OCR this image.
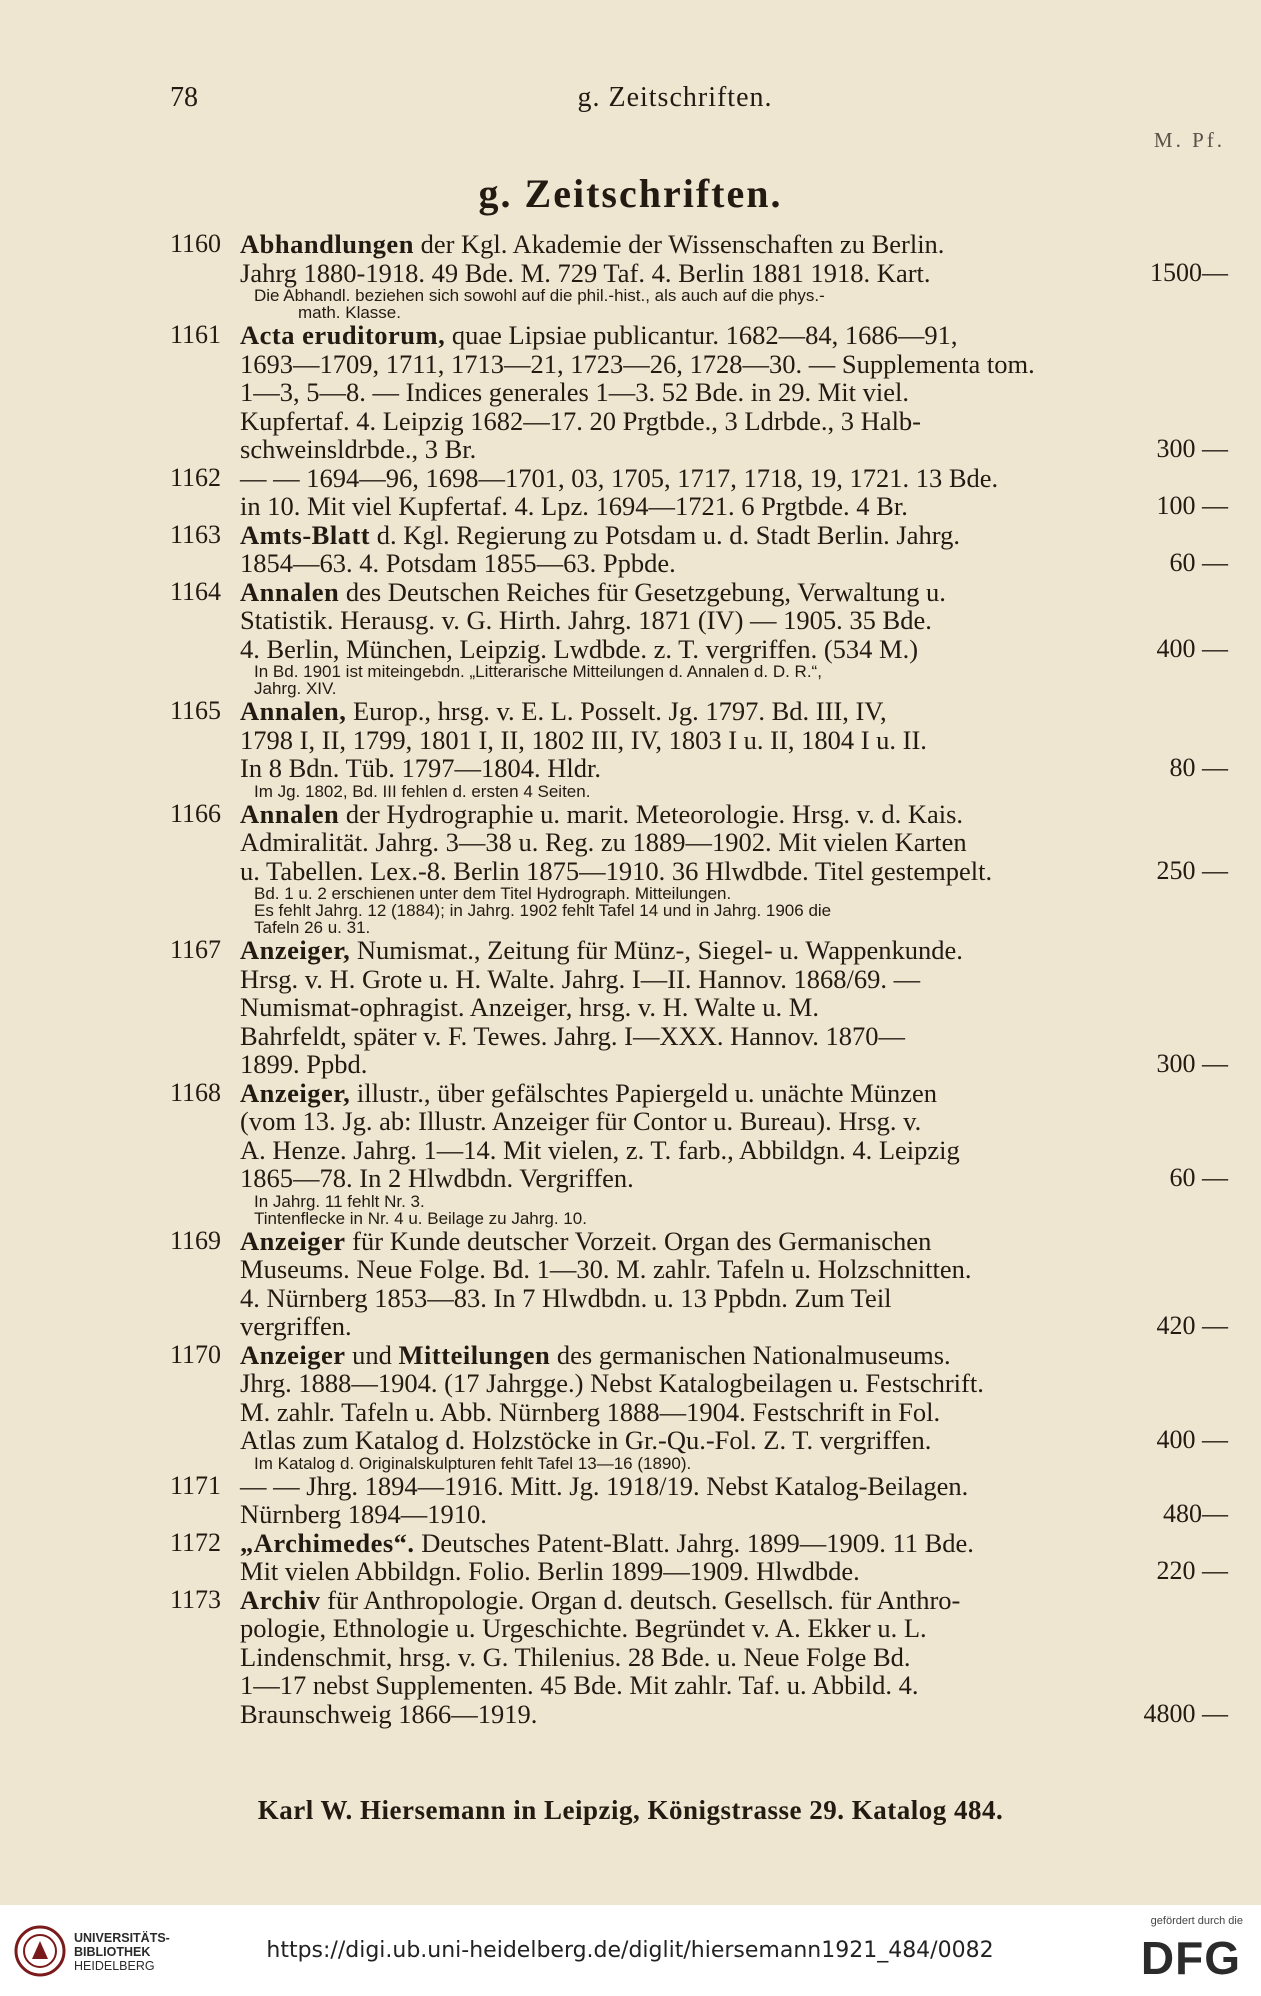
78	g. Zeitschriften.
M. Pf.
g. Zeitschriften.
1160 Abhandlungen der Kgl. Akademie der Wissenschaften zu Berlin.
Jahrg 1880-1918. 49 Bde. M. 729 Taf. 4. Berlin 1881 1918. Kart.	1500—
Die Abhandl. beziehen sich sowohl auf die phil.-hist., als auch auf die phys.-
math. Klasse.
1161 Acta eruditorum, quae Lipsiae publicantur. 1682—84, 1686—91,
1693—1709, 1711, 1713—21, 1723—26, 1728—30. — Supplementa tom.
1—3, 5—8. — Indices generales 1—3. 52 Bde. in 29. Mit viel.
Kupfertaf. 4. Leipzig 1682—17. 20 Prgtbde., 3 Ldrbde., 3 Halb-
schweinsldrbde., 3 Br.	300 —
1162 — — 1694—96, 1698—1701, 03, 1705, 1717, 1718, 19, 1721. 13 Bde.
in 10. Mit viel Kupfertaf. 4. Lpz. 1694—1721. 6 Prgtbde. 4 Br.	100 —
1163 Amts-Blatt d. Kgl. Regierung zu Potsdam u. d. Stadt Berlin. Jahrg.
1854—63. 4. Potsdam 1855—63. Ppbde.	60 —
1164 Annalen des Deutschen Reiches für Gesetzgebung, Verwaltung u.
Statistik. Herausg. v. G. Hirth. Jahrg. 1871 (IV) — 1905. 35 Bde.
4. Berlin, München, Leipzig. Lwdbde. z. T. vergriffen. (534 M.)	400 —
In Bd. 1901 ist miteingebdn. „Litterarische Mitteilungen d. Annalen d. D. R.“,
Jahrg. XIV.
1165 Annalen, Europ., hrsg. v. E. L. Posselt. Jg. 1797. Bd. III, IV,
1798 I, II, 1799, 1801 I, II, 1802 III, IV, 1803 I u. II, 1804 I u. II.
In 8 Bdn. Tüb. 1797—1804. Hldr.	80 —
Im Jg. 1802, Bd. III fehlen d. ersten 4 Seiten.
1166 Annalen der Hydrographie u. marit. Meteorologie. Hrsg. v. d. Kais.
Admiralität. Jahrg. 3—38 u. Reg. zu 1889—1902. Mit vielen Karten
u. Tabellen. Lex.-8. Berlin 1875—1910. 36 Hlwdbde. Titel gestempelt.	250 —
Bd. 1 u. 2 erschienen unter dem Titel Hydrograph. Mitteilungen.
Es fehlt Jahrg. 12 (1884); in Jahrg. 1902 fehlt Tafel 14 und in Jahrg. 1906 die
Tafeln 26 u. 31.
1167 Anzeiger, Numismat., Zeitung für Münz-, Siegel- u. Wappenkunde.
Hrsg. v. H. Grote u. H. Walte. Jahrg. I—II. Hannov. 1868/69. —
Numismat-ophragist. Anzeiger, hrsg. v. H. Walte u. M.
Bahrfeldt, später v. F. Tewes. Jahrg. I—XXX. Hannov. 1870—
1899. Ppbd.	300 —
1168 Anzeiger, illustr., über gefälschtes Papiergeld u. unächte Münzen
(vom 13. Jg. ab: Illustr. Anzeiger für Contor u. Bureau). Hrsg. v.
A. Henze. Jahrg. 1—14. Mit vielen, z. T. farb., Abbildgn. 4. Leipzig
1865—78. In 2 Hlwdbdn. Vergriffen.	60 —
In Jahrg. 11 fehlt Nr. 3.
Tintenflecke in Nr. 4 u. Beilage zu Jahrg. 10.
1169 Anzeiger für Kunde deutscher Vorzeit. Organ des Germanischen
Museums. Neue Folge. Bd. 1—30. M. zahlr. Tafeln u. Holzschnitten.
4. Nürnberg 1853—83. In 7 Hlwdbdn. u. 13 Ppbdn. Zum Teil
vergriffen.	420 —
1170 Anzeiger und Mitteilungen des germanischen Nationalmuseums.
Jhrg. 1888—1904. (17 Jahrgge.) Nebst Katalogbeilagen u. Festschrift.
M. zahlr. Tafeln u. Abb. Nürnberg 1888—1904. Festschrift in Fol.
Atlas zum Katalog d. Holzstöcke in Gr.-Qu.-Fol. Z. T. vergriffen.	400 —
Im Katalog d. Originalskulpturen fehlt Tafel 13—16 (1890).
1171 — — Jhrg. 1894—1916. Mitt. Jg. 1918/19. Nebst Katalog-Beilagen.
Nürnberg 1894—1910.	480—
1172 „Archimedes“. Deutsches Patent-Blatt. Jahrg. 1899—1909. 11 Bde.
Mit vielen Abbildgn. Folio. Berlin 1899—1909. Hlwdbde.	220 —
1173 Archiv für Anthropologie. Organ d. deutsch. Gesellsch. für Anthro-
pologie, Ethnologie u. Urgeschichte. Begründet v. A. Ekker u. L.
Lindenschmit, hrsg. v. G. Thilenius. 28 Bde. u. Neue Folge Bd.
1—17 nebst Supplementen. 45 Bde. Mit zahlr. Taf. u. Abbild. 4.
Braunschweig 1866—1919.	4800 —
Karl W. Hiersemann in Leipzig, Königstrasse 29. Katalog 484.
UNIVERSITÄTS-
BIBLIOTHEK
HEIDELBERG
https://digi.ub.uni-heidelberg.de/diglit/hiersemann1921_484/0082
gefördert durch die
DFG
